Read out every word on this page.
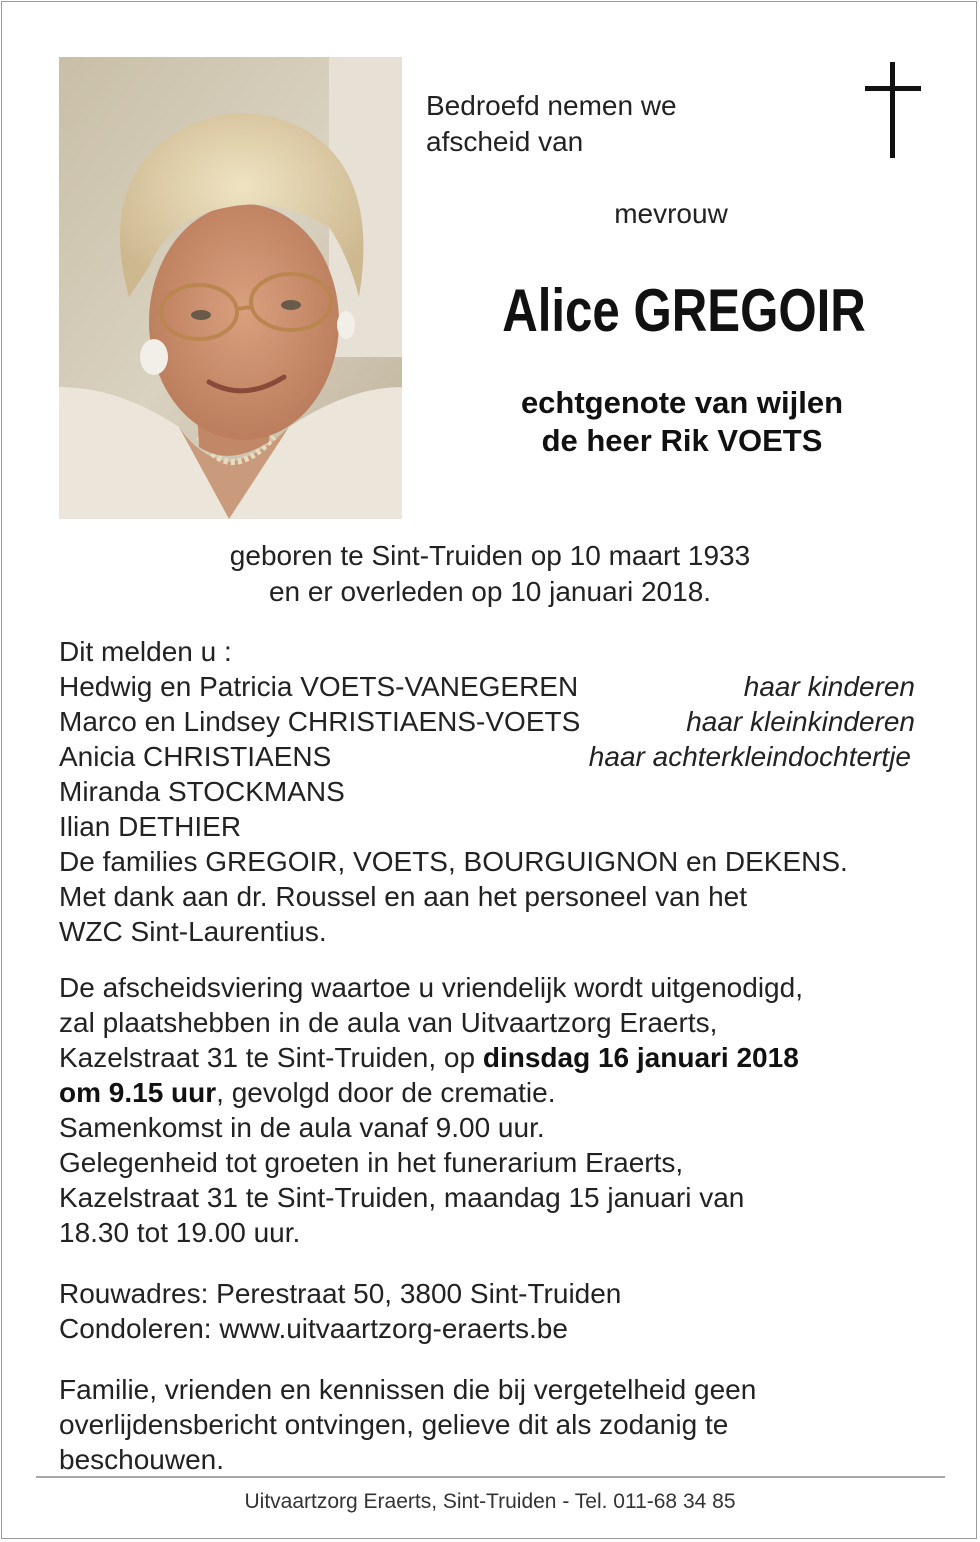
Bedroefd nemen we
afscheid van
mevrouw
Alice GREGOIR
echtgenote van wijlen
de heer Rik VOETS
geboren te Sint-Truiden op 10 maart 1933
en er overleden op 10 januari 2018.
Dit melden u :
Hedwig en Patricia VOETS-VANEGEREN	haar kinderen
Marco en Lindsey CHRISTIAENS-VOETS	haar kleinkinderen
Anicia CHRISTIAENS	haar achterkleindochtertje
Miranda STOCKMANS
Ilian DETHIER
De families GREGOIR, VOETS, BOURGUIGNON en DEKENS.
Met dank aan dr. Roussel en aan het personeel van het
WZC Sint-Laurentius.
De afscheidsviering waartoe u vriendelijk wordt uitgenodigd,
zal plaatshebben in de aula van Uitvaartzorg Eraerts,
Kazelstraat 31 te Sint-Truiden, op dinsdag 16 januari 2018
om 9.15 uur, gevolgd door de crematie.
Samenkomst in de aula vanaf 9.00 uur.
Gelegenheid tot groeten in het funerarium Eraerts,
Kazelstraat 31 te Sint-Truiden, maandag 15 januari van
18.30 tot 19.00 uur.
Rouwadres: Perestraat 50, 3800 Sint-Truiden
Condoleren: www.uitvaartzorg-eraerts.be
Familie, vrienden en kennissen die bij vergetelheid geen
overlijdensbericht ontvingen, gelieve dit als zodanig te
beschouwen.
Uitvaartzorg Eraerts, Sint-Truiden - Tel. 011-68 34 85
